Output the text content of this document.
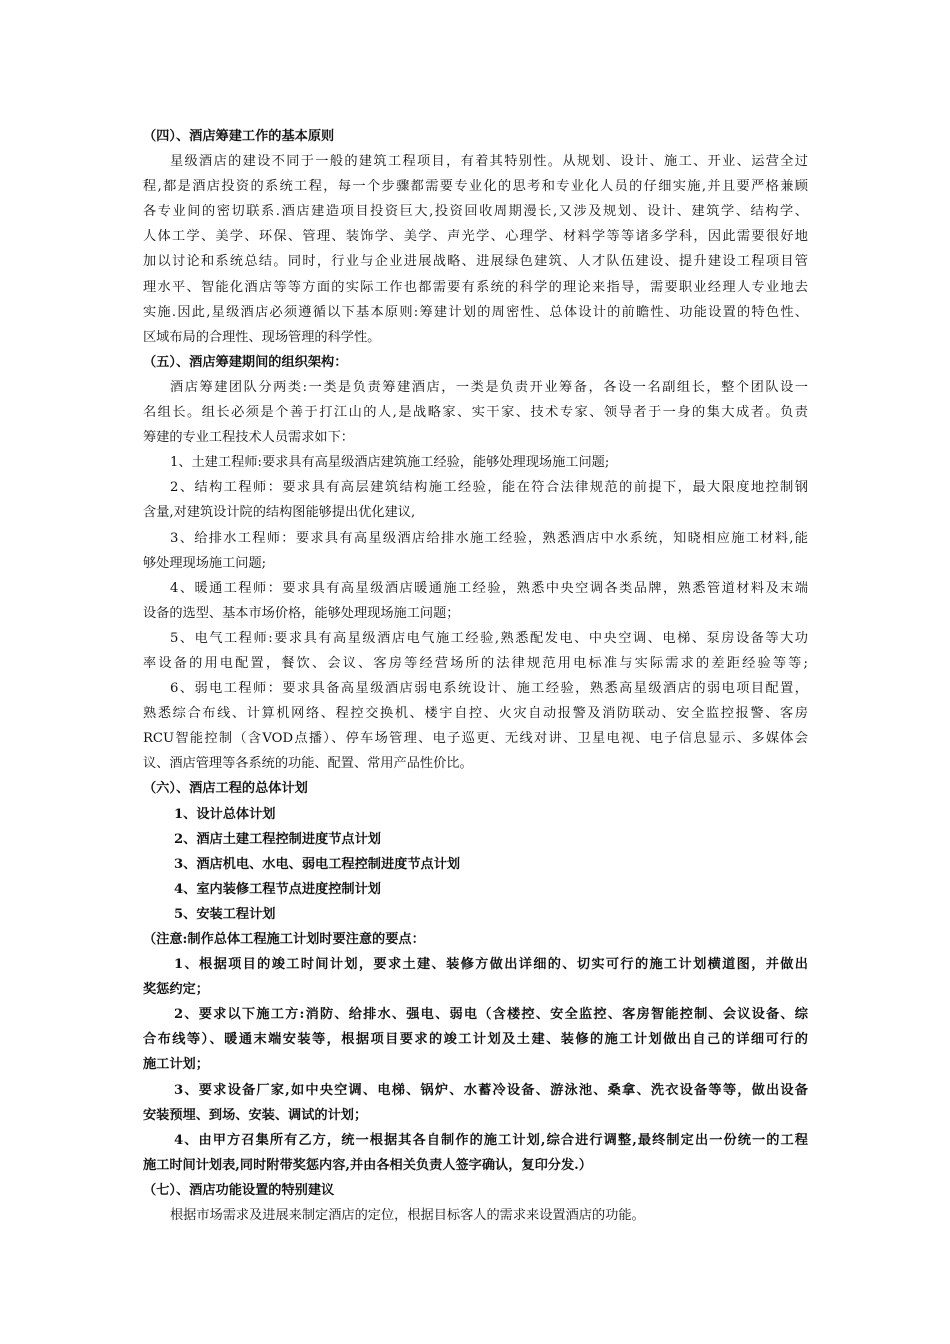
（四）、酒店筹建工作的基本原则
星级酒店的建设不同于一般的建筑工程项目，有着其特别性。从规划、设计、施工、开业、运营全过
程,都是酒店投资的系统工程，每一个步骤都需要专业化的思考和专业化人员的仔细实施,并且要严格兼顾
各专业间的密切联系.酒店建造项目投资巨大,投资回收周期漫长,又涉及规划、设计、建筑学、结构学、
人体工学、美学、环保、管理、装饰学、美学、声光学、心理学、材料学等等诸多学科，因此需要很好地
加以讨论和系统总结。同时，行业与企业进展战略、进展绿色建筑、人才队伍建设、提升建设工程项目管
理水平、智能化酒店等等方面的实际工作也都需要有系统的科学的理论来指导，需要职业经理人专业地去
实施.因此,星级酒店必须遵循以下基本原则:筹建计划的周密性、总体设计的前瞻性、功能设置的特色性、
区域布局的合理性、现场管理的科学性。
（五）、酒店筹建期间的组织架构：
酒店筹建团队分两类:一类是负责筹建酒店，一类是负责开业筹备，各设一名副组长，整个团队设一
名组长。组长必须是个善于打江山的人,是战略家、实干家、技术专家、领导者于一身的集大成者。负责
筹建的专业工程技术人员需求如下：
1、土建工程师:要求具有高星级酒店建筑施工经验，能够处理现场施工问题;
2、结构工程师：要求具有高层建筑结构施工经验，能在符合法律规范的前提下，最大限度地控制钢
含量,对建筑设计院的结构图能够提出优化建议,
3、给排水工程师：要求具有高星级酒店给排水施工经验，熟悉酒店中水系统，知晓相应施工材料,能
够处理现场施工问题;
4、暖通工程师：要求具有高星级酒店暖通施工经验，熟悉中央空调各类品牌，熟悉管道材料及末端
设备的选型、基本市场价格，能够处理现场施工问题；
5、电气工程师:要求具有高星级酒店电气施工经验,熟悉配发电、中央空调、电梯、泵房设备等大功
率设备的用电配置，餐饮、会议、客房等经营场所的法律规范用电标准与实际需求的差距经验等等;
6、弱电工程师：要求具备高星级酒店弱电系统设计、施工经验，熟悉高星级酒店的弱电项目配置，
熟悉综合布线、计算机网络、程控交换机、楼宇自控、火灾自动报警及消防联动、安全监控报警、客房
RCU智能控制（含VOD点播）、停车场管理、电子巡更、无线对讲、卫星电视、电子信息显示、多媒体会
议、酒店管理等各系统的功能、配置、常用产品性价比。
（六）、酒店工程的总体计划
1、设计总体计划
2、酒店土建工程控制进度节点计划
3、酒店机电、水电、弱电工程控制进度节点计划
4、室内装修工程节点进度控制计划
5、安装工程计划
（注意:制作总体工程施工计划时要注意的要点：
1、根据项目的竣工时间计划，要求土建、装修方做出详细的、切实可行的施工计划横道图，并做出
奖惩约定；
2、要求以下施工方:消防、给排水、强电、弱电（含楼控、安全监控、客房智能控制、会议设备、综
合布线等）、暖通末端安装等，根据项目要求的竣工计划及土建、装修的施工计划做出自己的详细可行的
施工计划；
3、要求设备厂家,如中央空调、电梯、锅炉、水蓄冷设备、游泳池、桑拿、洗衣设备等等，做出设备
安装预埋、到场、安装、调试的计划；
4、由甲方召集所有乙方，统一根据其各自制作的施工计划,综合进行调整,最终制定出一份统一的工程
施工时间计划表,同时附带奖惩内容,并由各相关负责人签字确认，复印分发.）
（七）、酒店功能设置的特别建议
根据市场需求及进展来制定酒店的定位，根据目标客人的需求来设置酒店的功能。
